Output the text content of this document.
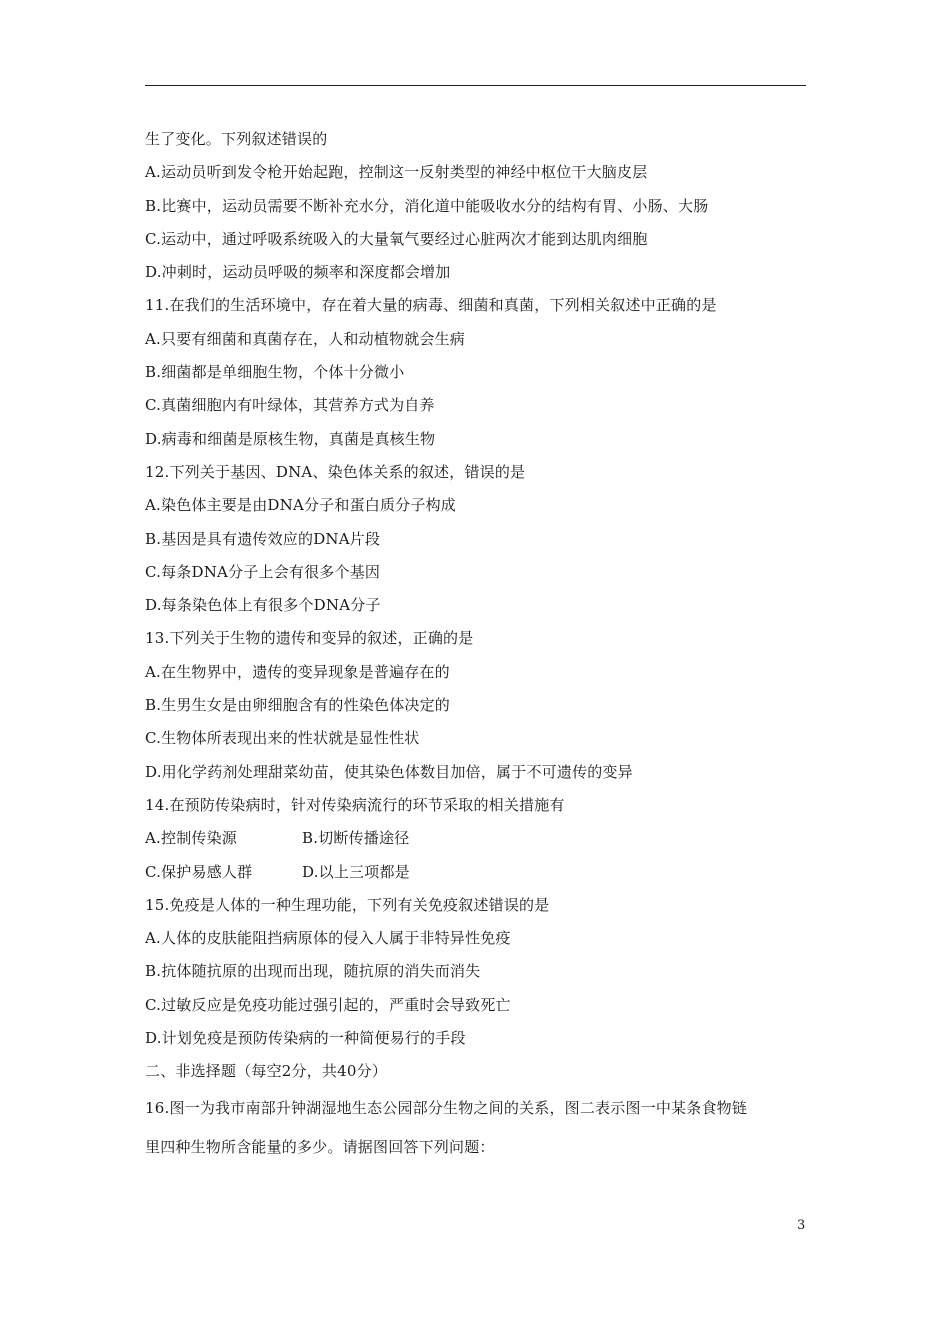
生了变化。下列叙述错误的
A.运动员听到发令枪开始起跑，控制这一反射类型的神经中枢位干大脑皮层
B.比赛中，运动员需要不断补充水分，消化道中能吸收水分的结构有胃、小肠、大肠
C.运动中，通过呼吸系统吸入的大量氧气要经过心脏两次才能到达肌肉细胞
D.冲刺时，运动员呼吸的频率和深度都会增加
11.在我们的生活环境中，存在着大量的病毒、细菌和真菌，下列相关叙述中正确的是
A.只要有细菌和真菌存在，人和动植物就会生病
B.细菌都是单细胞生物，个体十分微小
C.真菌细胞内有叶绿体，其营养方式为自养
D.病毒和细菌是原核生物，真菌是真核生物
12.下列关于基因、DNA、染色体关系的叙述，错误的是
A.染色体主要是由DNA分子和蛋白质分子构成
B.基因是具有遗传效应的DNA片段
C.每条DNA分子上会有很多个基因
D.每条染色体上有很多个DNA分子
13.下列关于生物的遗传和变异的叙述，正确的是
A.在生物界中，遗传的变异现象是普遍存在的
B.生男生女是由卵细胞含有的性染色体决定的
C.生物体所表现出来的性状就是显性性状
D.用化学药剂处理甜菜幼苗，使其染色体数目加倍，属于不可遗传的变异
14.在预防传染病时，针对传染病流行的环节采取的相关措施有
A.控制传染源	B.切断传播途径
C.保护易感人群	D.以上三项都是
15.免疫是人体的一种生理功能，下列有关免疫叙述错误的是
A.人体的皮肤能阻挡病原体的侵入人属于非特异性免疫
B.抗体随抗原的出现而出现，随抗原的消失而消失
C.过敏反应是免疫功能过强引起的，严重时会导致死亡
D.计划免疫是预防传染病的一种简便易行的手段
二、非选择题（每空2分，共40分）
16.图一为我市南部升钟湖湿地生态公园部分生物之间的关系，图二表示图一中某条食物链
里四种生物所含能量的多少。请据图回答下列问题：
3
